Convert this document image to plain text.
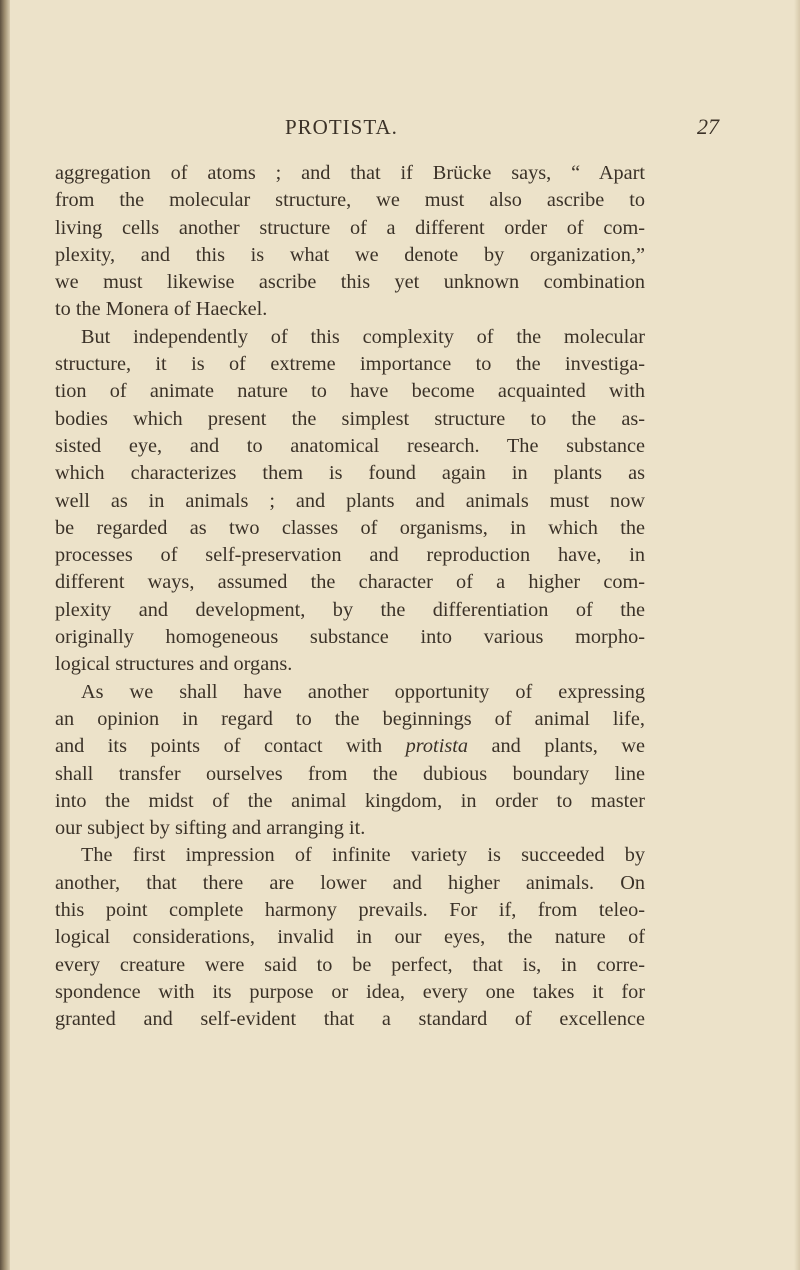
PROTISTA.	27
aggregation of atoms ; and that if Brücke says, “ Apart
from the molecular structure, we must also ascribe to
living cells another structure of a different order of com-
plexity, and this is what we denote by organization,”
we must likewise ascribe this yet unknown combination
to the Monera of Haeckel.
But independently of this complexity of the molecular
structure, it is of extreme importance to the investiga-
tion of animate nature to have become acquainted with
bodies which present the simplest structure to the as-
sisted eye, and to anatomical research. The substance
which characterizes them is found again in plants as
well as in animals ; and plants and animals must now
be regarded as two classes of organisms, in which the
processes of self-preservation and reproduction have, in
different ways, assumed the character of a higher com-
plexity and development, by the differentiation of the
originally homogeneous substance into various morpho-
logical structures and organs.
As we shall have another opportunity of expressing
an opinion in regard to the beginnings of animal life,
and its points of contact with protista and plants, we
shall transfer ourselves from the dubious boundary line
into the midst of the animal kingdom, in order to master
our subject by sifting and arranging it.
The first impression of infinite variety is succeeded by
another, that there are lower and higher animals. On
this point complete harmony prevails. For if, from teleo-
logical considerations, invalid in our eyes, the nature of
every creature were said to be perfect, that is, in corre-
spondence with its purpose or idea, every one takes it for
granted and self-evident that a standard of excellence
